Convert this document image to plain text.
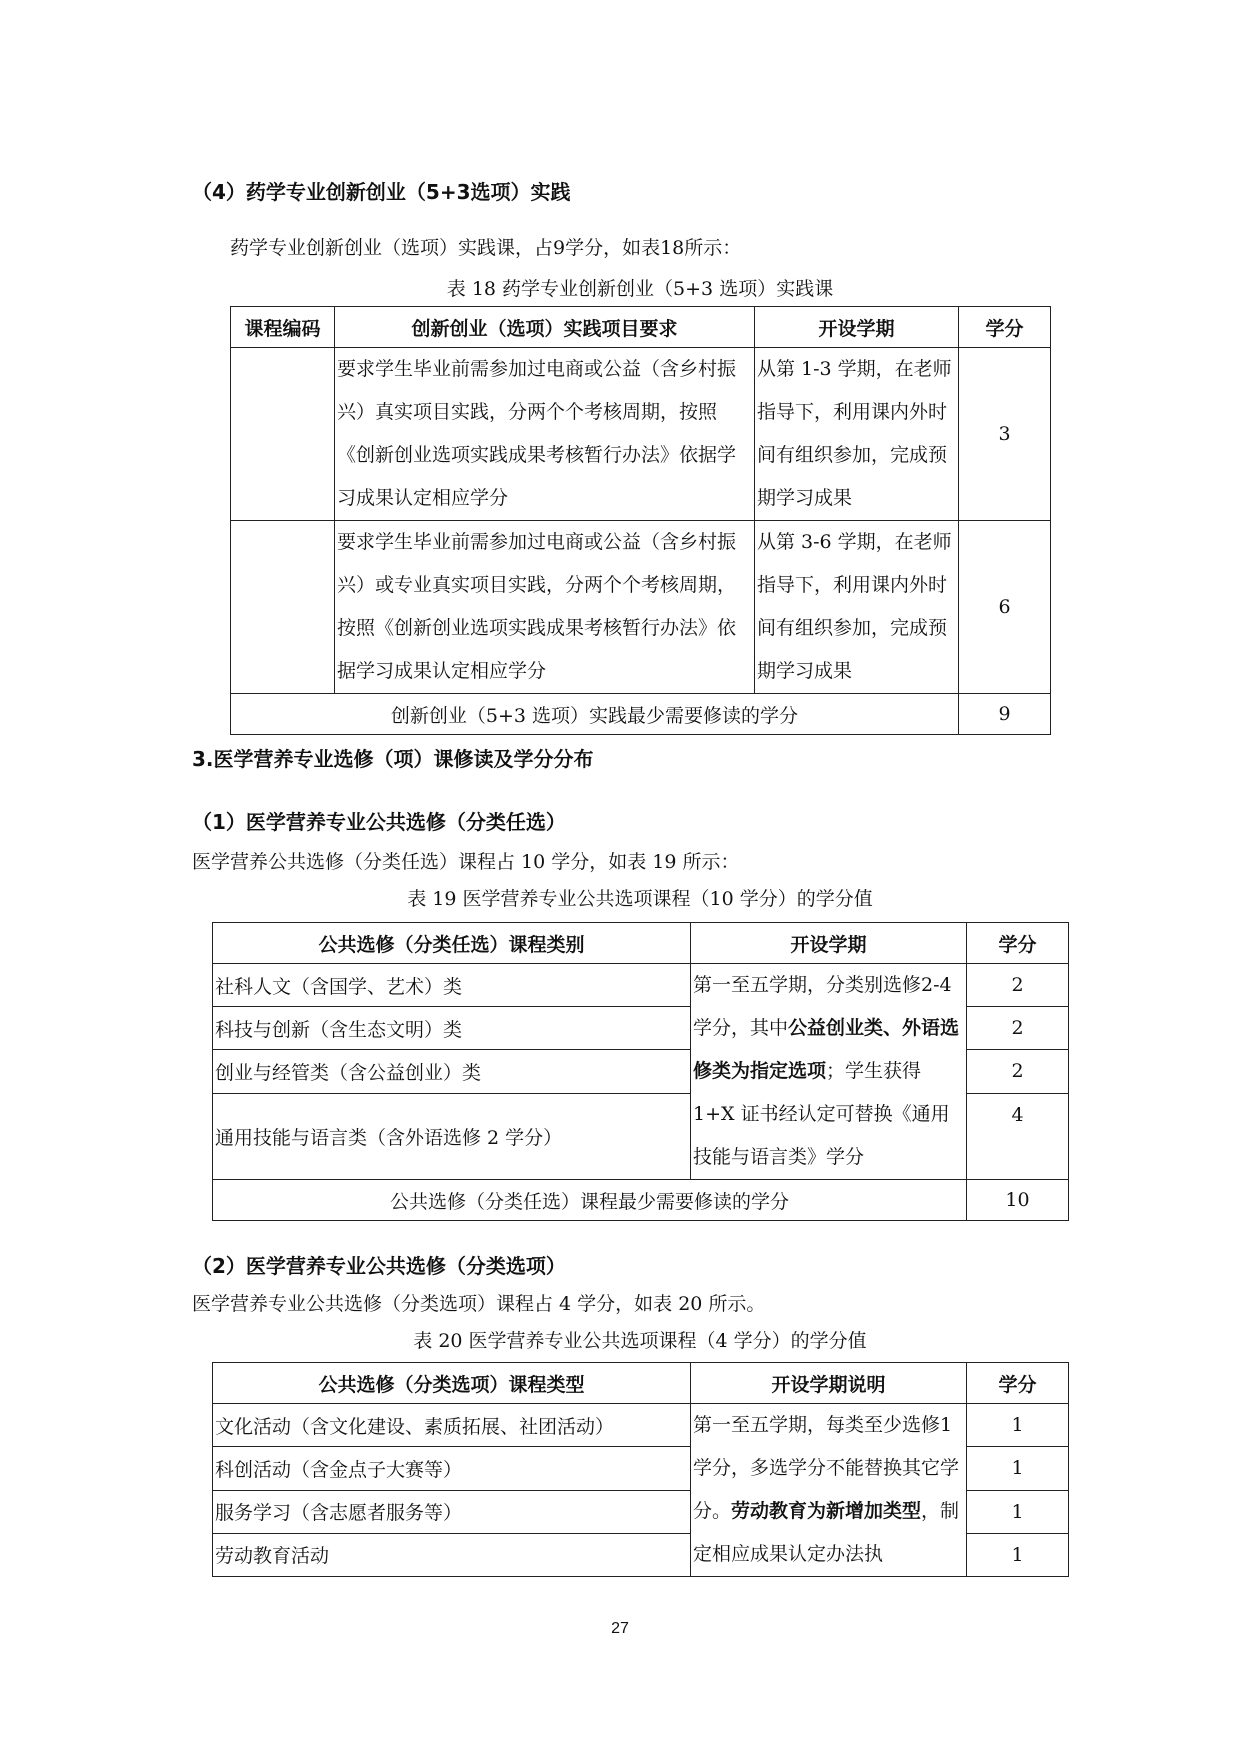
（4）药学专业创新创业（5+3选项）实践
药学专业创新创业（选项）实践课，占9学分，如表18所示：
表 18 药学专业创新创业（5+3 选项）实践课
课程编码	创新创业（选项）实践项目要求	开设学期	学分
	要求学生毕业前需参加过电商或公益（含乡村振兴）真实项目实践，分两个个考核周期，按照《创新创业选项实践成果考核暂行办法》依据学习成果认定相应学分	从第 1-3 学期，在老师指导下，利用课内外时间有组织参加，完成预期学习成果	3
	要求学生毕业前需参加过电商或公益（含乡村振兴）或专业真实项目实践，分两个个考核周期，按照《创新创业选项实践成果考核暂行办法》依据学习成果认定相应学分	从第 3-6 学期，在老师指导下，利用课内外时间有组织参加，完成预期学习成果	6
创新创业（5+3 选项）实践最少需要修读的学分			9
3.医学营养专业选修（项）课修读及学分分布
（1）医学营养专业公共选修（分类任选）
医学营养公共选修（分类任选）课程占 10 学分，如表 19 所示：
表 19 医学营养专业公共选项课程（10 学分）的学分值
公共选修（分类任选）课程类别	开设学期	学分
社科人文（含国学、艺术）类	第一至五学期，分类别选修2-4 学分，其中公益创业类、外语选修类为指定选项；学生获得 1+X 证书经认定可替换《通用技能与语言类》学分	2
科技与创新（含生态文明）类		2
创业与经管类（含公益创业）类		2
通用技能与语言类（含外语选修 2 学分）		4
公共选修（分类任选）课程最少需要修读的学分		10
（2）医学营养专业公共选修（分类选项）
医学营养专业公共选修（分类选项）课程占 4 学分，如表 20 所示。
表 20 医学营养专业公共选项课程（4 学分）的学分值
公共选修（分类选项）课程类型	开设学期说明	学分
文化活动（含文化建设、素质拓展、社团活动）	第一至五学期，每类至少选修1 学分，多选学分不能替换其它学分。劳动教育为新增加类型，制定相应成果认定办法执	1
科创活动（含金点子大赛等）		1
服务学习（含志愿者服务等）		1
劳动教育活动		1
27
